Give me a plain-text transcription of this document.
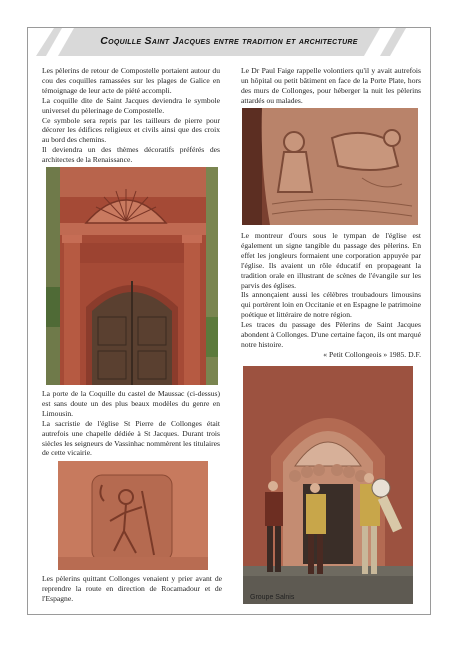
Coquille Saint Jacques entre tradition et architecture

Les pèlerins de retour de Compostelle portaient autour du cou des coquilles ramassées sur les plages de Galice en témoignage de leur acte de piété accompli.

La coquille dite de Saint Jacques deviendra le symbole universel du pèlerinage de Compostelle.

Ce symbole sera repris par les tailleurs de pierre pour décorer les édifices religieux et civils ainsi que des croix au bord des chemins.

Il deviendra un des thèmes décoratifs préférés des architectes de la Renaissance.

La porte de la Coquille du castel de Maussac (ci-dessus) est sans doute un des plus beaux modèles du genre en Limousin.

La sacristie de l'église St Pierre de Collonges était autrefois une chapelle dédiée à St Jacques. Durant trois siècles les seigneurs de Vassinhac nommèrent les titulaires de cette vicairie.

Les pèlerins quittant Collonges venaient y prier avant de reprendre la route en direction de Rocamadour et de l'Espagne.

Le Dr Paul Faige rappelle volontiers qu'il y avait autrefois un hôpital ou petit bâtiment en face de la Porte Plate, hors des murs de Collonges, pour héberger la nuit les pèlerins attardés ou malades.

Le montreur d'ours sous le tympan de l'église est également un signe tangible du passage des pèlerins. En effet les jongleurs formaient une corporation appuyée par l'église. Ils avaient un rôle éducatif en propageant la tradition orale en illustrant de scènes de l'évangile sur les parvis des églises.

Ils annonçaient aussi les célèbres troubadours limousins qui portèrent loin en Occitanie et en Espagne le patrimoine poétique et littéraire de notre région.

Les traces du passage des Pèlerins de Saint Jacques abondent à Collonges. D'une certaine façon, ils ont marqué notre histoire.

« Petit Collongeois » 1985. D.F.

Groupe Salnis
